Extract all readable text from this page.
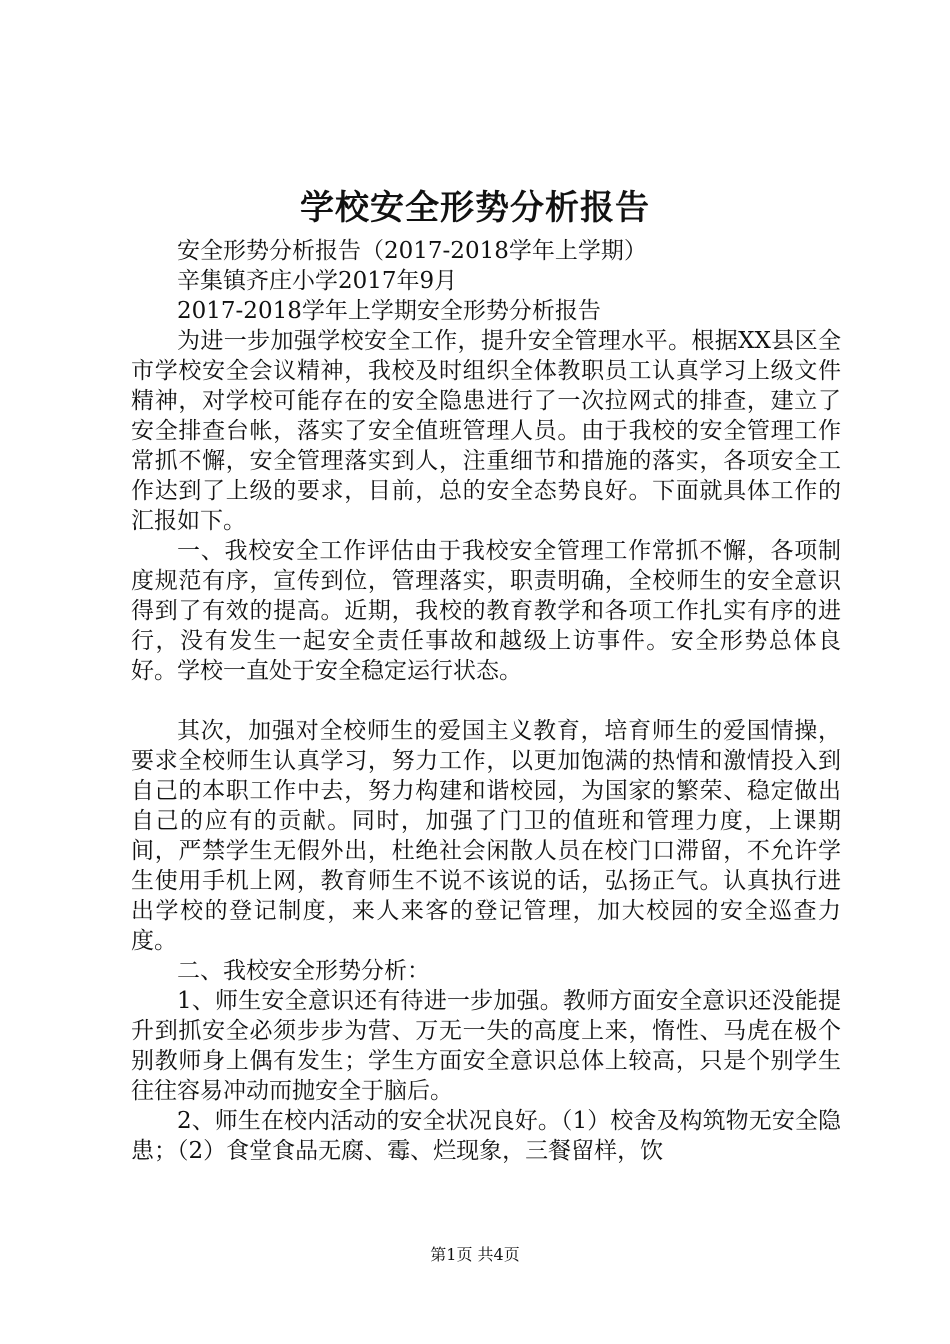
学校安全形势分析报告

安全形势分析报告（2017-2018学年上学期）

辛集镇齐庄小学2017年9月

2017-2018学年上学期安全形势分析报告

为进一步加强学校安全工作，提升安全管理水平。根据XX县区全市学校安全会议精神，我校及时组织全体教职员工认真学习上级文件精神，对学校可能存在的安全隐患进行了一次拉网式的排查，建立了安全排查台帐，落实了安全值班管理人员。由于我校的安全管理工作常抓不懈，安全管理落实到人，注重细节和措施的落实，各项安全工作达到了上级的要求，目前，总的安全态势良好。下面就具体工作的汇报如下。

一、我校安全工作评估由于我校安全管理工作常抓不懈，各项制度规范有序，宣传到位，管理落实，职责明确，全校师生的安全意识得到了有效的提高。近期，我校的教育教学和各项工作扎实有序的进行，没有发生一起安全责任事故和越级上访事件。安全形势总体良好。学校一直处于安全稳定运行状态。

其次，加强对全校师生的爱国主义教育，培育师生的爱国情操，要求全校师生认真学习，努力工作，以更加饱满的热情和激情投入到自己的本职工作中去，努力构建和谐校园，为国家的繁荣、稳定做出自己的应有的贡献。同时，加强了门卫的值班和管理力度，上课期间，严禁学生无假外出，杜绝社会闲散人员在校门口滞留，不允许学生使用手机上网，教育师生不说不该说的话，弘扬正气。认真执行进出学校的登记制度，来人来客的登记管理，加大校园的安全巡查力度。

二、我校安全形势分析：

1、师生安全意识还有待进一步加强。教师方面安全意识还没能提升到抓安全必须步步为营、万无一失的高度上来，惰性、马虎在极个别教师身上偶有发生；学生方面安全意识总体上较高，只是个别学生往往容易冲动而抛安全于脑后。

2、师生在校内活动的安全状况良好。（1）校舍及构筑物无安全隐患；（2）食堂食品无腐、霉、烂现象，三餐留样，饮

第1页 共4页
